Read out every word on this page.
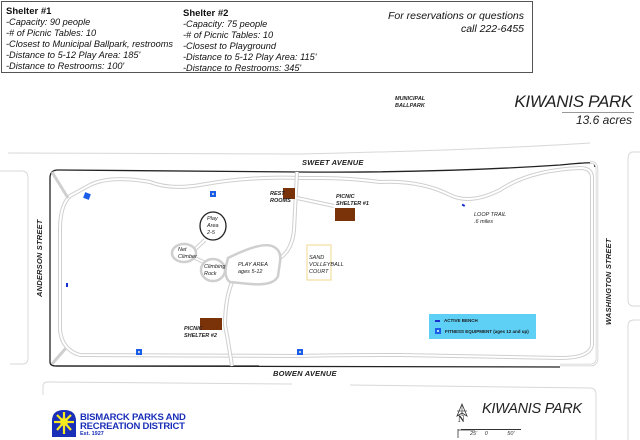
Shelter #1
-Capacity: 90 people
-# of Picnic Tables: 10
-Closest to Municipal Ballpark, restrooms
-Distance to 5-12 Play Area: 185'
-Distance to Restrooms: 100'
Shelter #2
-Capacity: 75 people
-# of Picnic Tables: 10
-Closest to Playground
-Distance to 5-12 Play Area: 115'
-Distance to Restrooms: 345'
For reservations or questions
call 222-6455
KIWANIS PARK
13.6 acres
MUNICIPAL
BALLPARK
SWEET AVENUE
BOWEN AVENUE
ANDERSON STREET	WASHINGTON STREET
REST
ROOMS
PICNIC
SHELTER #1
PICNIC
SHELTER #2
LOOP TRAIL
.6 miles
Play
Area
2-5
Net
Climber
Climbing
Rock
PLAY AREA
ages 5-12
SAND
VOLLEYBALL
COURT
ACTIVE BENCH
FITNESS EQUIPMENT (ages 12 and up)
N
25' 0	50'
KIWANIS PARK
BISMARCK PARKS AND
RECREATION DISTRICT
Est. 1927
